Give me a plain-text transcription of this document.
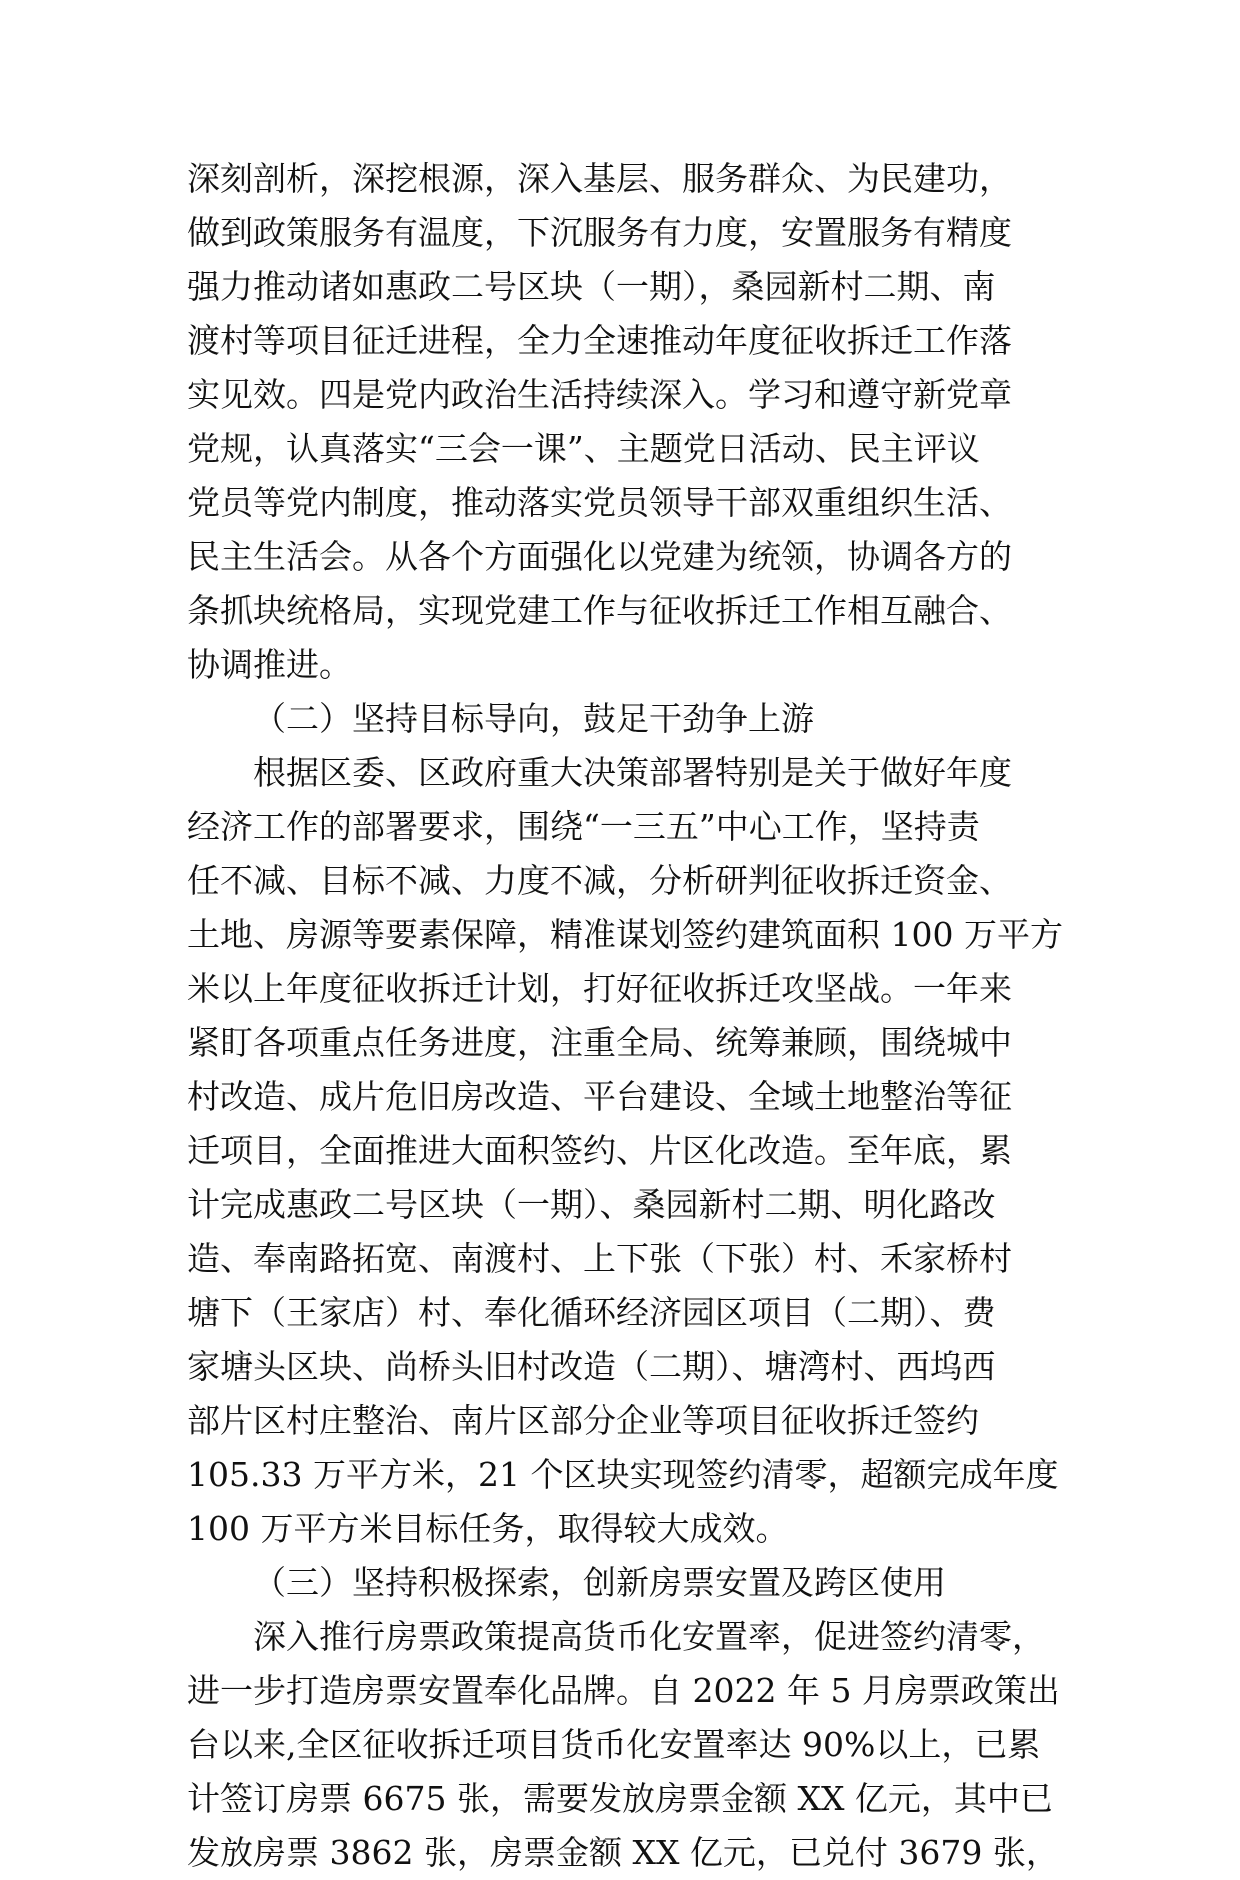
深刻剖析，深挖根源，深入基层、服务群众、为民建功，
做到政策服务有温度，下沉服务有力度，安置服务有精度
强力推动诸如惠政二号区块（一期），桑园新村二期、南
渡村等项目征迁进程，全力全速推动年度征收拆迁工作落
实见效。四是党内政治生活持续深入。学习和遵守新党章
党规，认真落实“三会一课”、主题党日活动、民主评议
党员等党内制度，推动落实党员领导干部双重组织生活、
民主生活会。从各个方面强化以党建为统领，协调各方的
条抓块统格局，实现党建工作与征收拆迁工作相互融合、
协调推进。
（二）坚持目标导向，鼓足干劲争上游
根据区委、区政府重大决策部署特别是关于做好年度
经济工作的部署要求，围绕“一三五”中心工作，坚持责
任不减、目标不减、力度不减，分析研判征收拆迁资金、
土地、房源等要素保障，精准谋划签约建筑面积 100 万平方
米以上年度征收拆迁计划，打好征收拆迁攻坚战。一年来
紧盯各项重点任务进度，注重全局、统筹兼顾，围绕城中
村改造、成片危旧房改造、平台建设、全域土地整治等征
迁项目，全面推进大面积签约、片区化改造。至年底，累
计完成惠政二号区块（一期）、桑园新村二期、明化路改
造、奉南路拓宽、南渡村、上下张（下张）村、禾家桥村
塘下（王家店）村、奉化循环经济园区项目（二期）、费
家塘头区块、尚桥头旧村改造（二期）、塘湾村、西坞西
部片区村庄整治、南片区部分企业等项目征收拆迁签约
105.33 万平方米，21 个区块实现签约清零，超额完成年度
100 万平方米目标任务，取得较大成效。
（三）坚持积极探索，创新房票安置及跨区使用
深入推行房票政策提高货币化安置率，促进签约清零，
进一步打造房票安置奉化品牌。自 2022 年 5 月房票政策出
台以来,全区征收拆迁项目货币化安置率达 90%以上，已累
计签订房票 6675 张，需要发放房票金额 XX 亿元，其中已
发放房票 3862 张，房票金额 XX 亿元，已兑付 3679 张，
